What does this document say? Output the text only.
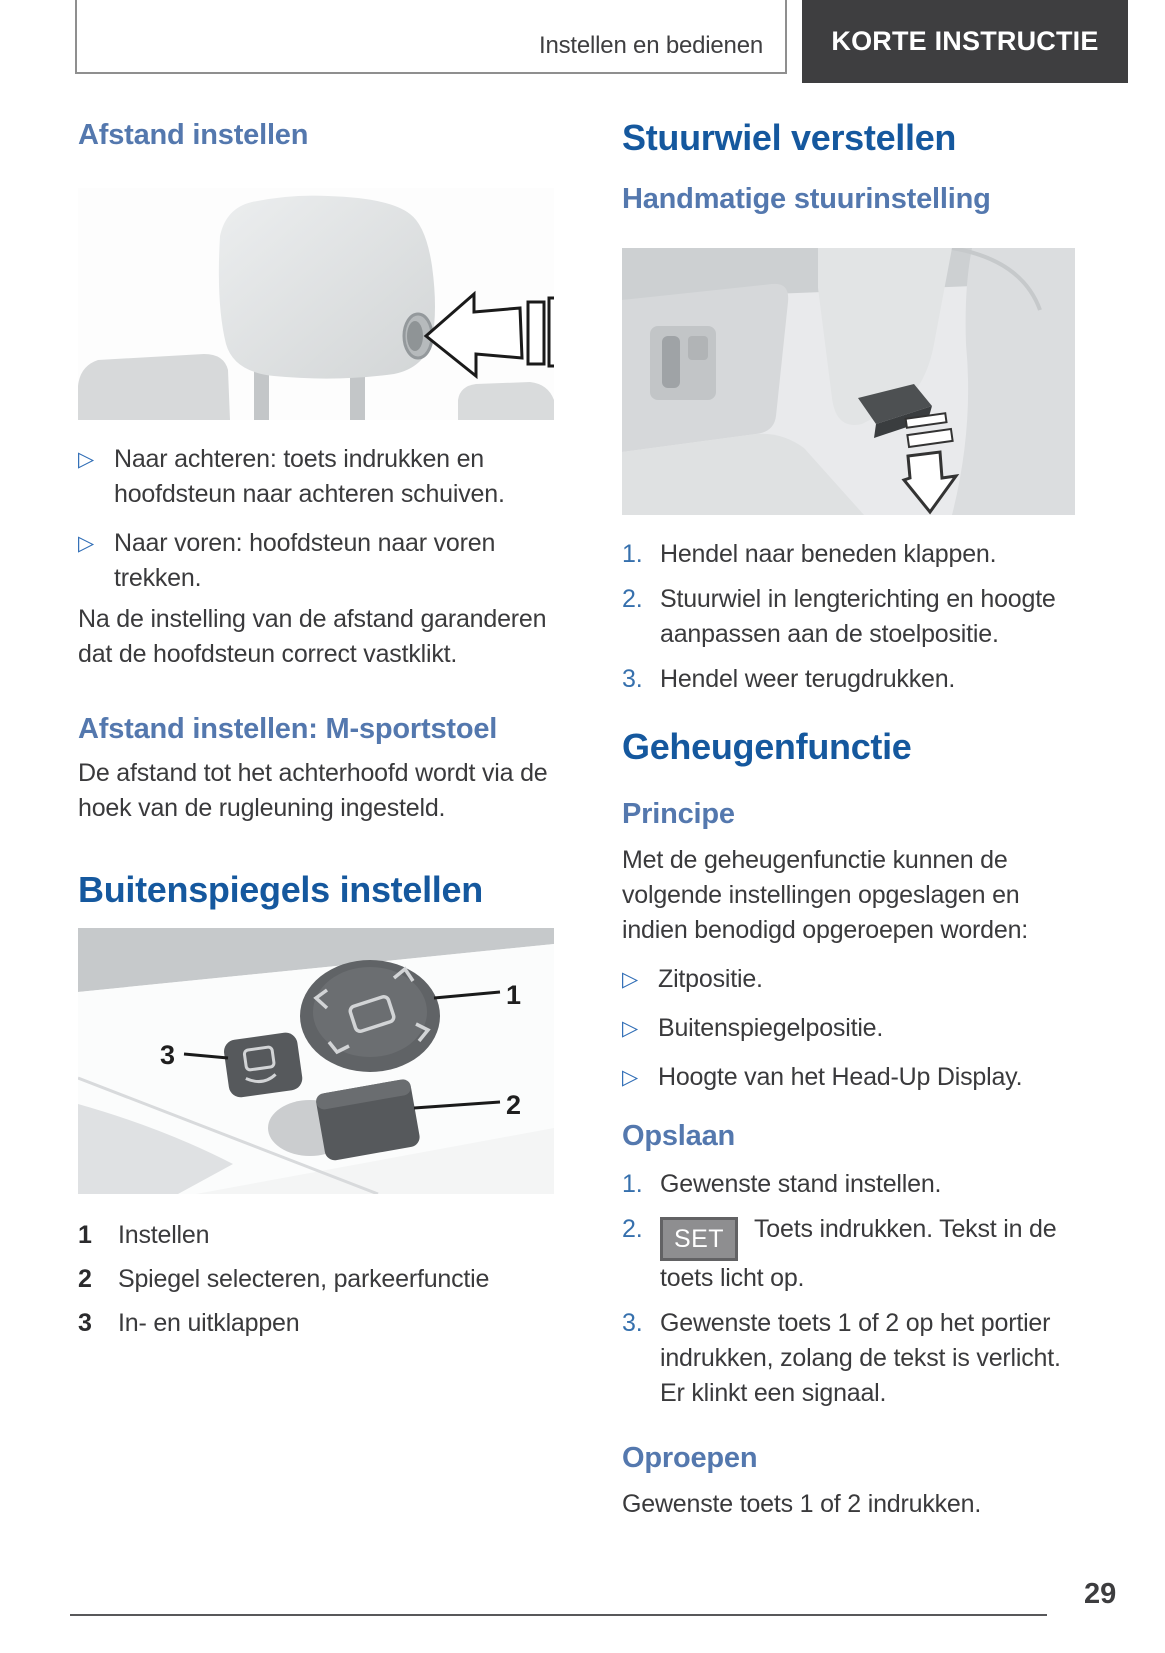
Instellen en bedienen	KORTE INSTRUCTIE
Afstand instellen
▷ Naar achteren: toets indrukken en hoofdsteun naar achteren schuiven.
▷ Naar voren: hoofdsteun naar voren trekken.

Na de instelling van de afstand garanderen dat de hoofdsteun correct vastklikt.

Afstand instellen: M-sportstoel

De afstand tot het achterhoofd wordt via de hoek van de rugleuning ingesteld.

Buitenspiegels instellen
1
2
3
1	Instellen
2	Spiegel selecteren, parkeerfunctie
3	In- en uitklappen
Stuurwiel verstellen
Handmatige stuurinstelling
1. Hendel naar beneden klappen.
2. Stuurwiel in lengterichting en hoogte aanpassen aan de stoelpositie.
3. Hendel weer terugdrukken.
Geheugenfunctie
Principe

Met de geheugenfunctie kunnen de volgende instellingen opgeslagen en indien benodigd opgeroepen worden:

▷ Zitpositie.
▷ Buitenspiegelpositie.
▷ Hoogte van het Head-Up Display.
Opslaan
1. Gewenste stand instellen.
2.	SET Toets indrukken. Tekst in de toets licht op.
3. Gewenste toets 1 of 2 op het portier indrukken, zolang de tekst is verlicht. Er klinkt een signaal.
Oproepen

Gewenste toets 1 of 2 indrukken.

29
